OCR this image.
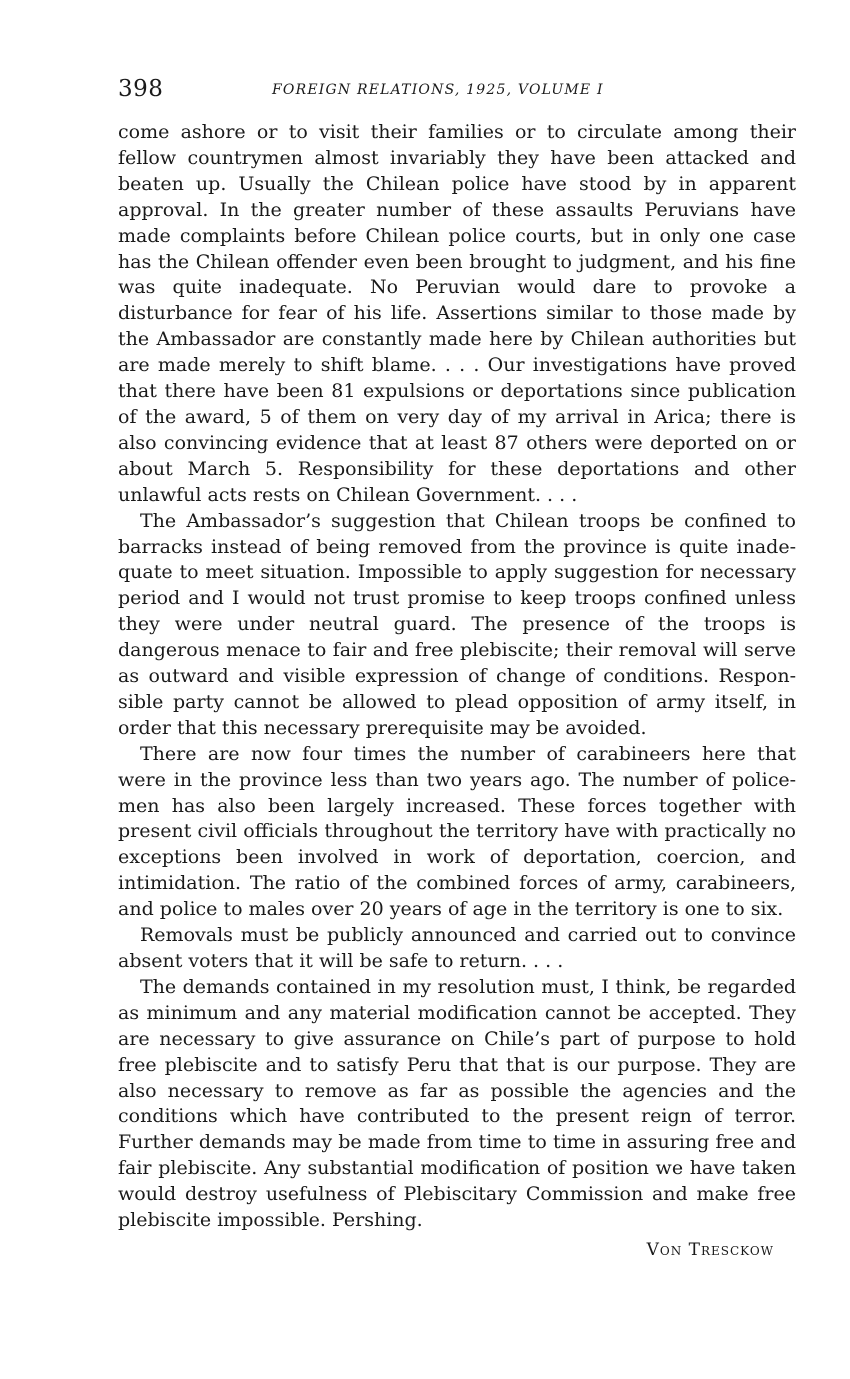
398	FOREIGN RELATIONS, 1925, VOLUME I

come ashore or to visit their families or to circulate among their fellow countrymen almost invariably they have been attacked and beaten up. Usually the Chilean police have stood by in apparent approval. In the greater number of these assaults Peruvians have made complaints before Chilean police courts, but in only one case has the Chilean offender even been brought to judgment, and his fine was quite inadequate. No Peruvian would dare to provoke a disturbance for fear of his life. Assertions similar to those made by the Ambassador are constantly made here by Chilean authorities but are made merely to shift blame. . . . Our investigations have proved that there have been 81 expulsions or deportations since publication of the award, 5 of them on very day of my arrival in Arica; there is also convincing evidence that at least 87 others were deported on or about March 5. Responsibility for these deportations and other unlawful acts rests on Chilean Government. . . .

The Ambassador’s suggestion that Chilean troops be confined to barracks instead of being removed from the province is quite inadequate to meet situation. Impossible to apply suggestion for necessary period and I would not trust promise to keep troops confined unless they were under neutral guard. The presence of the troops is dangerous menace to fair and free plebiscite; their removal will serve as outward and visible expression of change of conditions. Responsible party cannot be allowed to plead opposition of army itself, in order that this necessary prerequisite may be avoided.

There are now four times the number of carabineers here that were in the province less than two years ago. The number of policemen has also been largely increased. These forces together with present civil officials throughout the territory have with practically no exceptions been involved in work of deportation, coercion, and intimidation. The ratio of the combined forces of army, carabineers, and police to males over 20 years of age in the territory is one to six.

Removals must be publicly announced and carried out to convince absent voters that it will be safe to return. . . .

The demands contained in my resolution must, I think, be regarded as minimum and any material modification cannot be accepted. They are necessary to give assurance on Chile’s part of purpose to hold free plebiscite and to satisfy Peru that that is our purpose. They are also necessary to remove as far as possible the agencies and the conditions which have contributed to the present reign of terror. Further demands may be made from time to time in assuring free and fair plebiscite. Any substantial modification of position we have taken would destroy usefulness of Plebiscitary Commission and make free plebiscite impossible. Pershing.

Von Tresckow
